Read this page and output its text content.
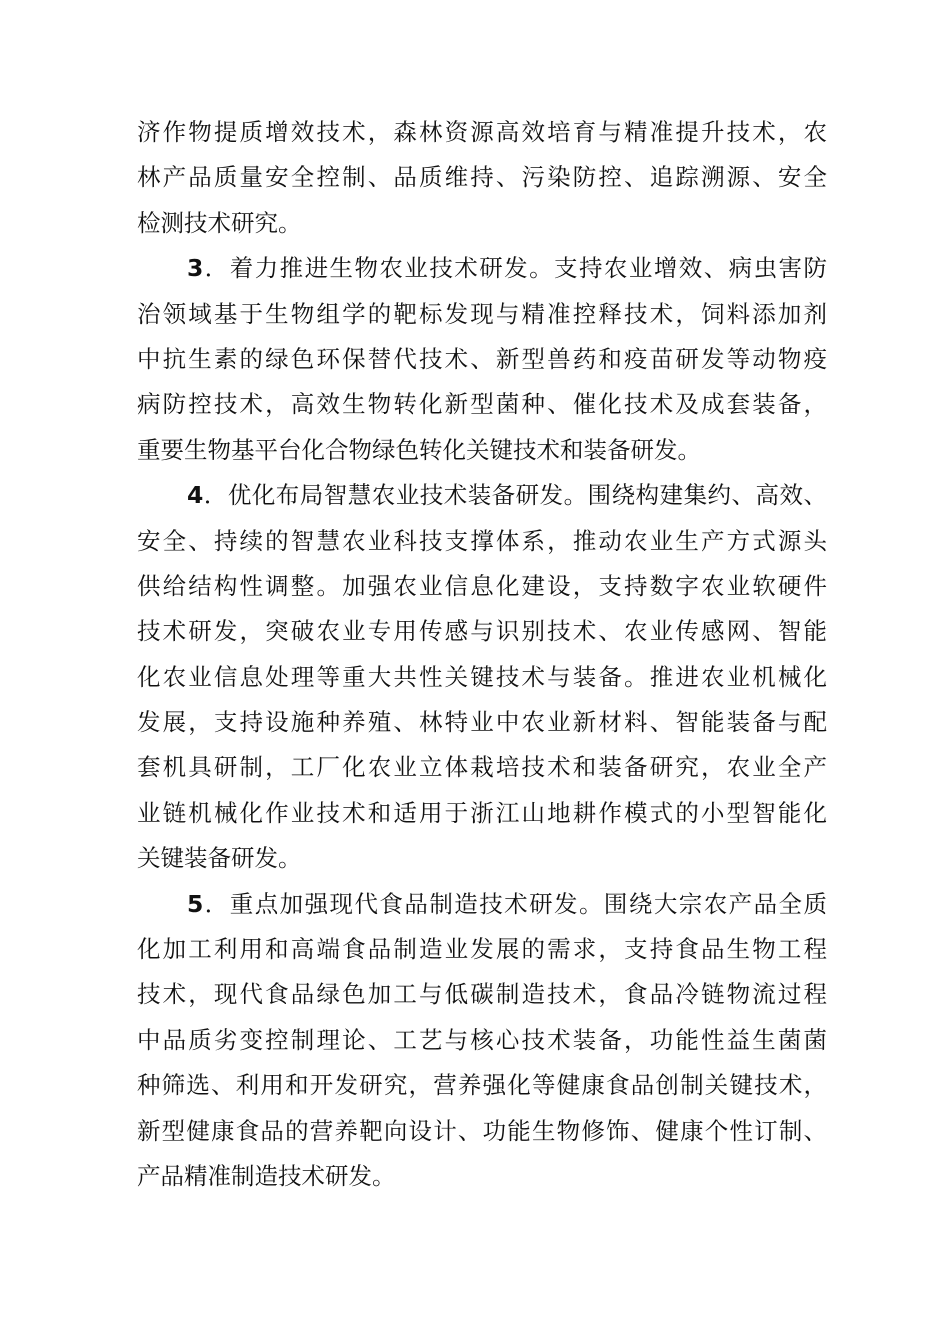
济作物提质增效技术，森林资源高效培育与精准提升技术，农
林产品质量安全控制、品质维持、污染防控、追踪溯源、安全
检测技术研究。
3．着力推进生物农业技术研发。支持农业增效、病虫害防
治领域基于生物组学的靶标发现与精准控释技术，饲料添加剂
中抗生素的绿色环保替代技术、新型兽药和疫苗研发等动物疫
病防控技术，高效生物转化新型菌种、催化技术及成套装备，
重要生物基平台化合物绿色转化关键技术和装备研发。
4．优化布局智慧农业技术装备研发。围绕构建集约、高效、
安全、持续的智慧农业科技支撑体系，推动农业生产方式源头
供给结构性调整。加强农业信息化建设，支持数字农业软硬件
技术研发，突破农业专用传感与识别技术、农业传感网、智能
化农业信息处理等重大共性关键技术与装备。推进农业机械化
发展，支持设施种养殖、林特业中农业新材料、智能装备与配
套机具研制，工厂化农业立体栽培技术和装备研究，农业全产
业链机械化作业技术和适用于浙江山地耕作模式的小型智能化
关键装备研发。
5．重点加强现代食品制造技术研发。围绕大宗农产品全质
化加工利用和高端食品制造业发展的需求，支持食品生物工程
技术，现代食品绿色加工与低碳制造技术，食品冷链物流过程
中品质劣变控制理论、工艺与核心技术装备，功能性益生菌菌
种筛选、利用和开发研究，营养强化等健康食品创制关键技术，
新型健康食品的营养靶向设计、功能生物修饰、健康个性订制、
产品精准制造技术研发。
